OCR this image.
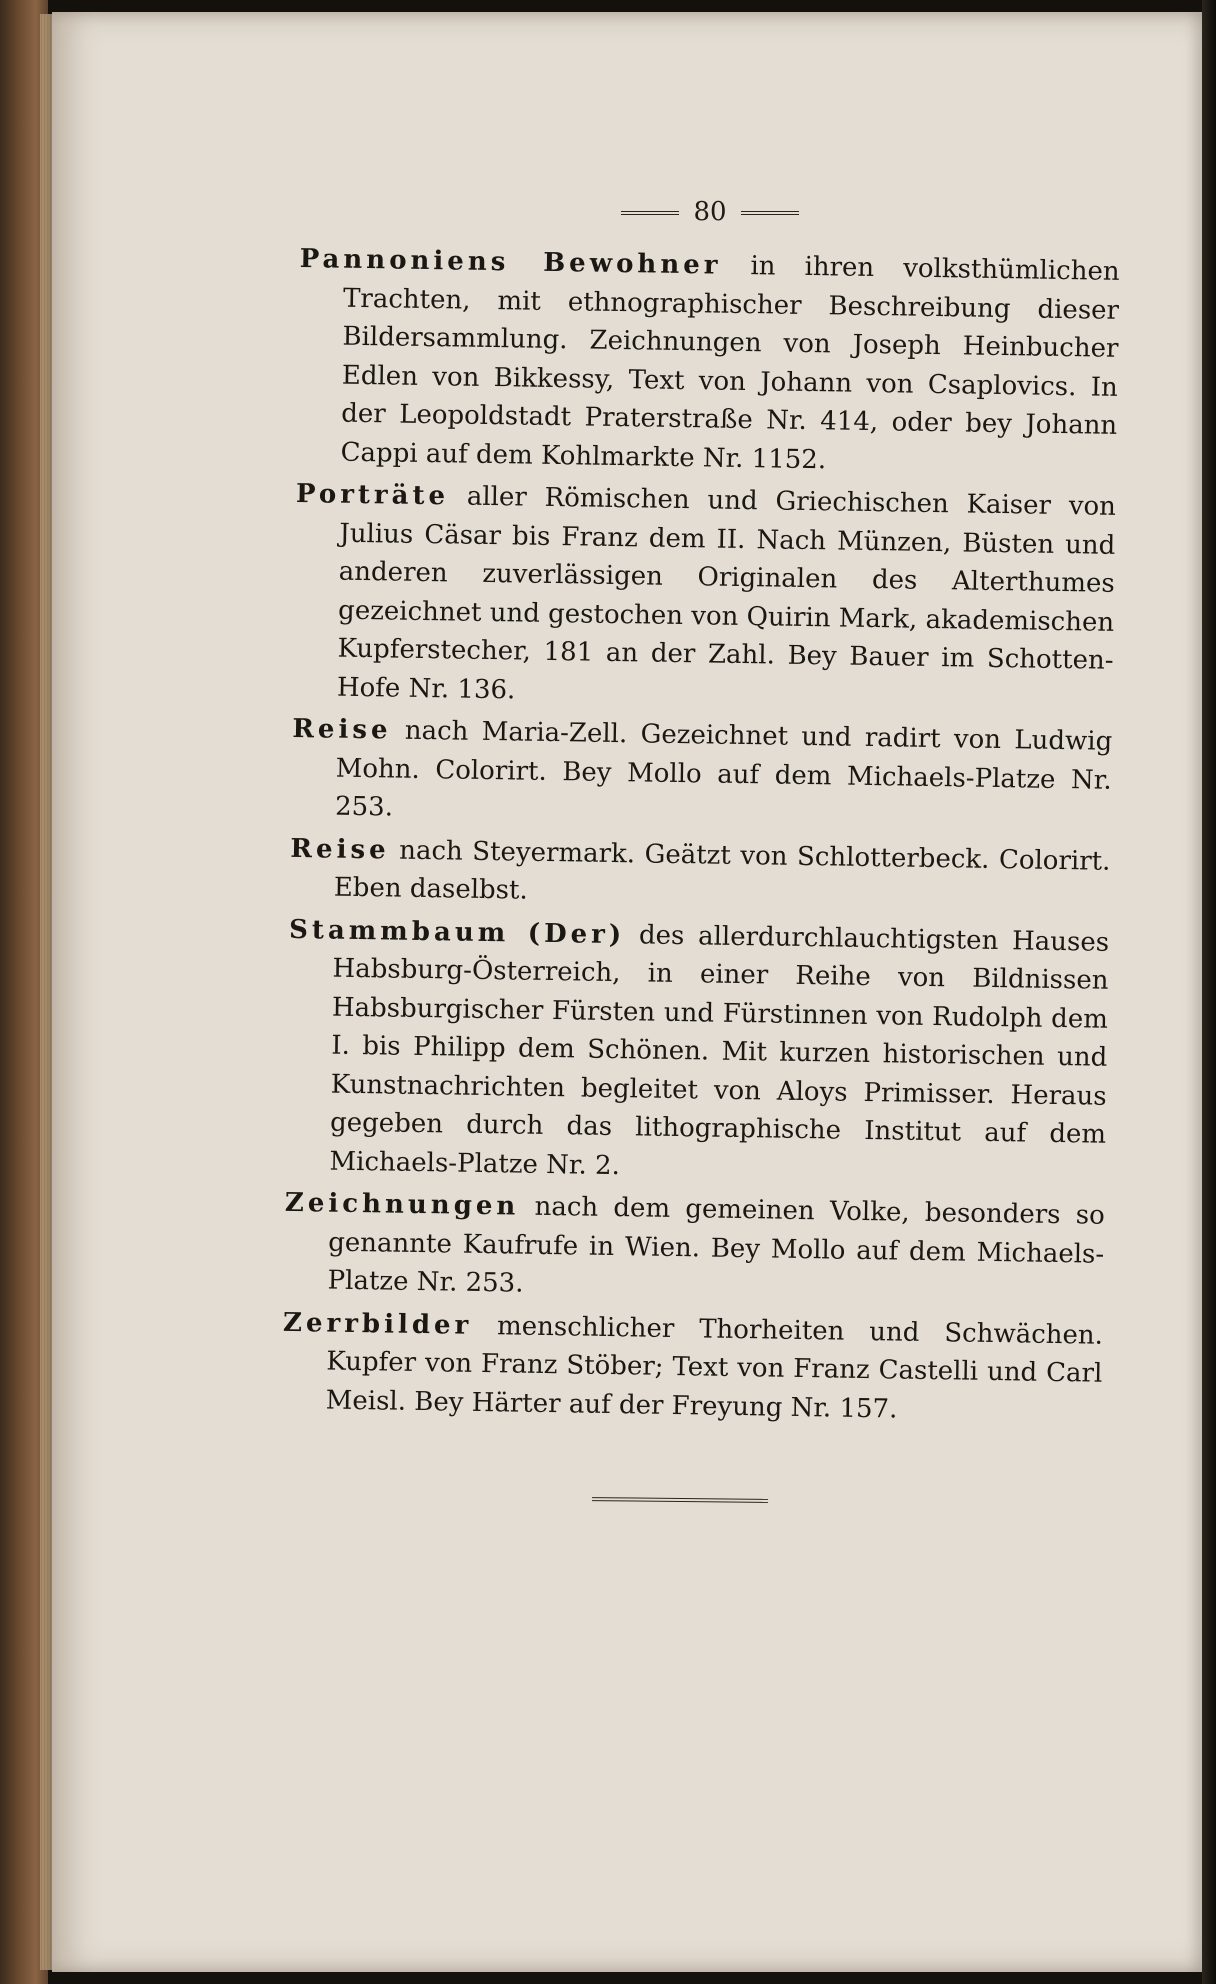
80

Pannoniens Bewohner in ihren volksthümlichen Trachten, mit ethnographischer Beschreibung dieser Bildersammlung. Zeichnungen von Joseph Heinbucher Edlen von Bikkessy, Text von Johann von Csaplovics. In der Leopoldstadt Praterstraße Nr. 414, oder bey Johann Cappi auf dem Kohlmarkte Nr. 1152.

Porträte aller Römischen und Griechischen Kaiser von Julius Cäsar bis Franz dem II. Nach Münzen, Büsten und anderen zuverlässigen Originalen des Alterthumes gezeichnet und gestochen von Quirin Mark, akademischen Kupferstecher, 181 an der Zahl. Bey Bauer im Schotten-Hofe Nr. 136.

Reise nach Maria-Zell. Gezeichnet und radirt von Ludwig Mohn. Colorirt. Bey Mollo auf dem Michaels-Platze Nr. 253.

Reise nach Steyermark. Geätzt von Schlotterbeck. Colorirt. Eben daselbst.

Stammbaum (Der) des allerdurchlauchtigsten Hauses Habsburg-Österreich, in einer Reihe von Bildnissen Habsburgischer Fürsten und Fürstinnen von Rudolph dem I. bis Philipp dem Schönen. Mit kurzen historischen und Kunstnachrichten begleitet von Aloys Primisser. Heraus gegeben durch das lithographische Institut auf dem Michaels-Platze Nr. 2.

Zeichnungen nach dem gemeinen Volke, besonders so genannte Kaufrufe in Wien. Bey Mollo auf dem Michaels-Platze Nr. 253.

Zerrbilder menschlicher Thorheiten und Schwächen. Kupfer von Franz Stöber; Text von Franz Castelli und Carl Meisl. Bey Härter auf der Freyung Nr. 157.
